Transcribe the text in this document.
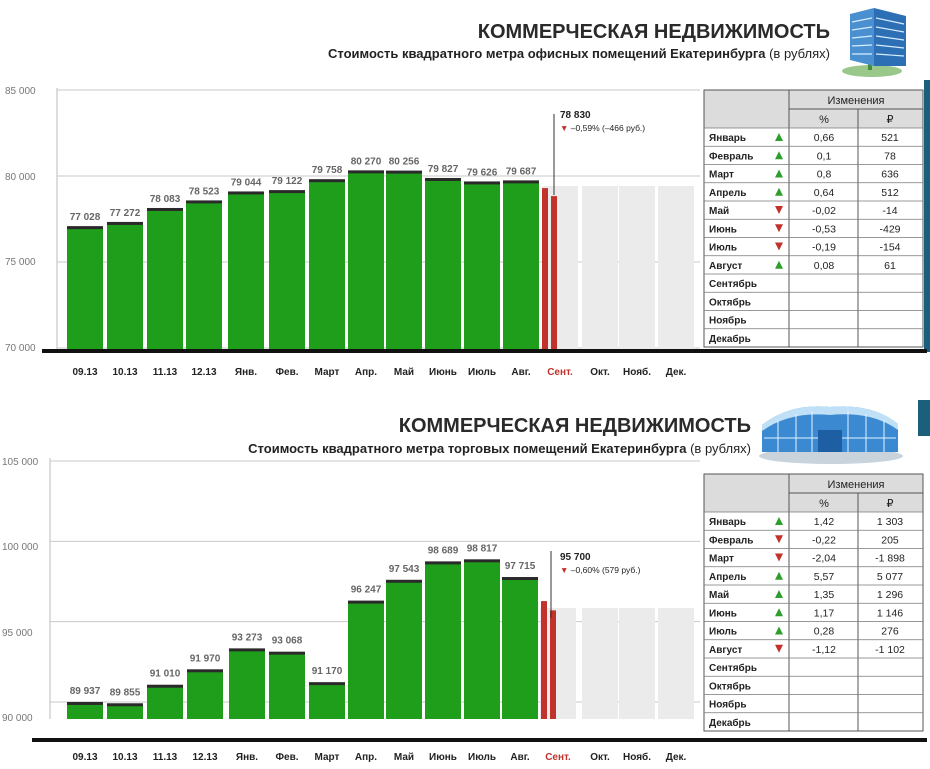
КОММЕРЧЕСКАЯ НЕДВИЖИМОСТЬ
Стоимость квадратного метра офисных помещений Екатеринбурга (в рублях)
85 000
80 000
75 000
70 000
77 028 77 272
78 083
78 523
79 044 79 122
79 758
80 270 80 256
79 827 79 626 79 687
78 830
▼ –0,59% (–466 руб.)
09.13 10.13 11.13 12.13 Янв. Фев. Март Апр. Май Июнь Июль Авг. Сент. Окт. Нояб. Дек.
Изменения
%	₽
Январь	0,66	521
Февраль	0,1	78
Март	0,8	636
Апрель	0,64	512
Май	-0,02	-14
Июнь	-0,53	-429
Июль	-0,19	-154
Август	0,08	61
Сентябрь
Октябрь
Ноябрь
Декабрь
КОММЕРЧЕСКАЯ НЕДВИЖИМОСТЬ
Стоимость квадратного метра торговых помещений Екатеринбурга (в рублях)
105 000
100 000
95 000
90 000
89 937 89 855
91 010
91 970
93 273 93 068
91 170
96 247
97 543
98 689 98 817
97 715
95 700
▼ –0,60% (579 руб.)
09.13 10.13 11.13 12.13 Янв. Фев. Март Апр. Май Июнь Июль Авг. Сент. Окт. Нояб. Дек.
Изменения
%	₽
Январь	1,42	1 303
Февраль	-0,22	205
Март	-2,04	-1 898
Апрель	5,57	5 077
Май	1,35	1 296
Июнь	1,17	1 146
Июль	0,28	276
Август	-1,12	-1 102
Сентябрь
Октябрь
Ноябрь
Декабрь
